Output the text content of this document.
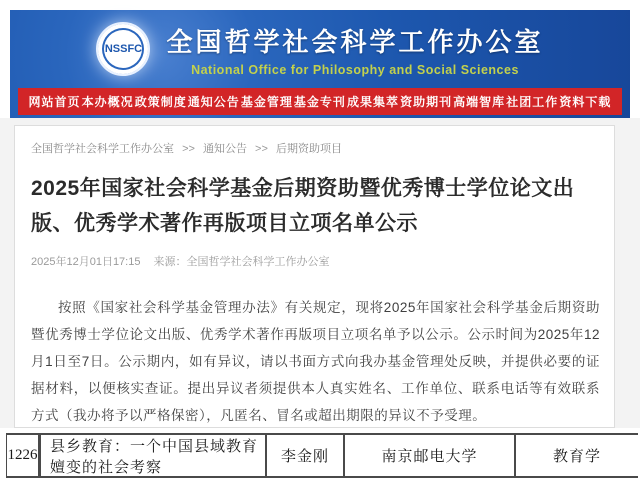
NSSFC 全国哲学社会科学工作办公室
National Office for Philosophy and Social Sciences
网站首页 本办概况 政策制度 通知公告 基金管理 基金专刊 成果集萃 资助期刊 高端智库 社团工作 资料下载
全国哲学社会科学工作办公室 >> 通知公告 >> 后期资助项目
2025年国家社会科学基金后期资助暨优秀博士学位论文出版、优秀学术著作再版项目立项名单公示
2025年12月01日17:15 来源：全国哲学社会科学工作办公室

按照《国家社会科学基金管理办法》有关规定，现将2025年国家社会科学基金后期资助暨优秀博士学位论文出版、优秀学术著作再版项目立项名单予以公示。公示时间为2025年12月1日至7日。公示期内，如有异议，请以书面方式向我办基金管理处反映，并提供必要的证据材料，以便核实查证。提出异议者须提供本人真实姓名、工作单位、联系电话等有效联系方式（我办将予以严格保密），凡匿名、冒名或超出期限的异议不予受理。

1226
县乡教育：一个中国县域教育嬗变的社会考察
李金刚	南京邮电大学	教育学
